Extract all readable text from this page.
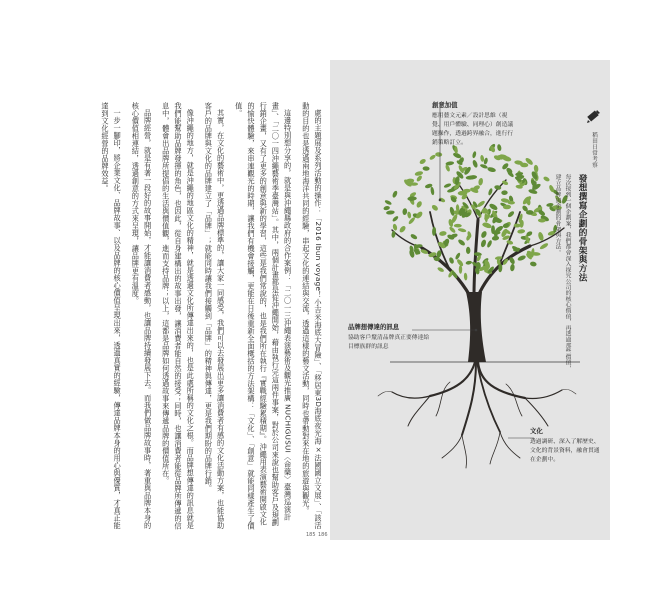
處的主題展及系列活動的操作：「2016 Ibun voyage！小吉米海底大冒險」、「移居東3D海底夜光海×法國國立文展」、「該活動的目的也是透過兩地海洋共同的經驗，串起文化的連結與交流，透過這樣的藝文活動，同時也帶動對來在地的旅遊與觀光。

這邊特別想分享的，就是與沖繩縣政府的合作案例：「二〇一三沖繩表演藝術及觀光推廣 NUCHIGUSUI〈命藥〉臺灣巡演計畫」、「二〇一四沖繩藝術季臺灣站」。其中，兩個計畫都是從沖繩開始，藉由執行完這兩件事案，對於公司來說也幫助客戶及規劃行銷企畫，又有了更多的創意與新的學習，這些是我們常說的，也是我們所在執行『實戰經驗累積期』。沖繩用表演藝術開啟文化的愉快體驗，來串連觀光的時期，讓我們有機會接觸，更能在日後重新全面概括的方法架構：「文化」、「創意」就能同樣產生了價值。

其實，在文化的藝術中，更透過品牌標準的，讓大家一同感受，我們可以去發展出更多讓消費者有感的文化活動方案，也能協助客戶的品牌與文化的品牌建立了「品牌」；就能同時讓我們接觸到「品牌」的精神與傳達，更是我們期盼的品牌行銷。

像沖繩的地方，就是沖繩的地區文化的精神，就是透過文化所傳達出來的，也是此處所稱的文化之根。而品牌想傳達的訊息就是我們能幫助品牌發揮的角色，也因此，從自身建構出的故事出發，讓消費者能自然的接受；同時，也讓消費者能從品牌所傳遞的信息中，體會出品牌所提倡的生活與價值觀，進而支持品牌；以上，這都是品牌如何透過故事來傳遞品牌的價值所在。

品牌經營，就是有著一段好的故事開始，才能讓消費者感動，也讓品牌持續發展下去。而我們做品牌故事時，著重與品牌本身的核心價值相連結，透過創意的方式來呈現，讓品牌更有溫度。

一步一腳印，將企業文化、品牌故事、以及品牌的核心價值呈現出來，透過真實的經驗，傳達品牌本身的用心與優質，才真正能達到文化經營的品牌效益。

185 186
創意加值
應用藝文元素／設計思維（視覺、用戶體驗、同理心）創造議題操作，透過跨界融合，進行行銷策略訂立。
品牌想傳達的訊息
協助客戶釐清品牌真正要傳達給目標族群的訊息
文化
透過調研、深入了解歷史、文化的背景資料，融會貫通在企劃中。
發想撰寫企劃的骨架與方法
每次接到一個企劃案，我們都會深入探究公司的核心價值，再透過那些價值，建立品牌與企劃的骨架與方法。
稻田日常考察
